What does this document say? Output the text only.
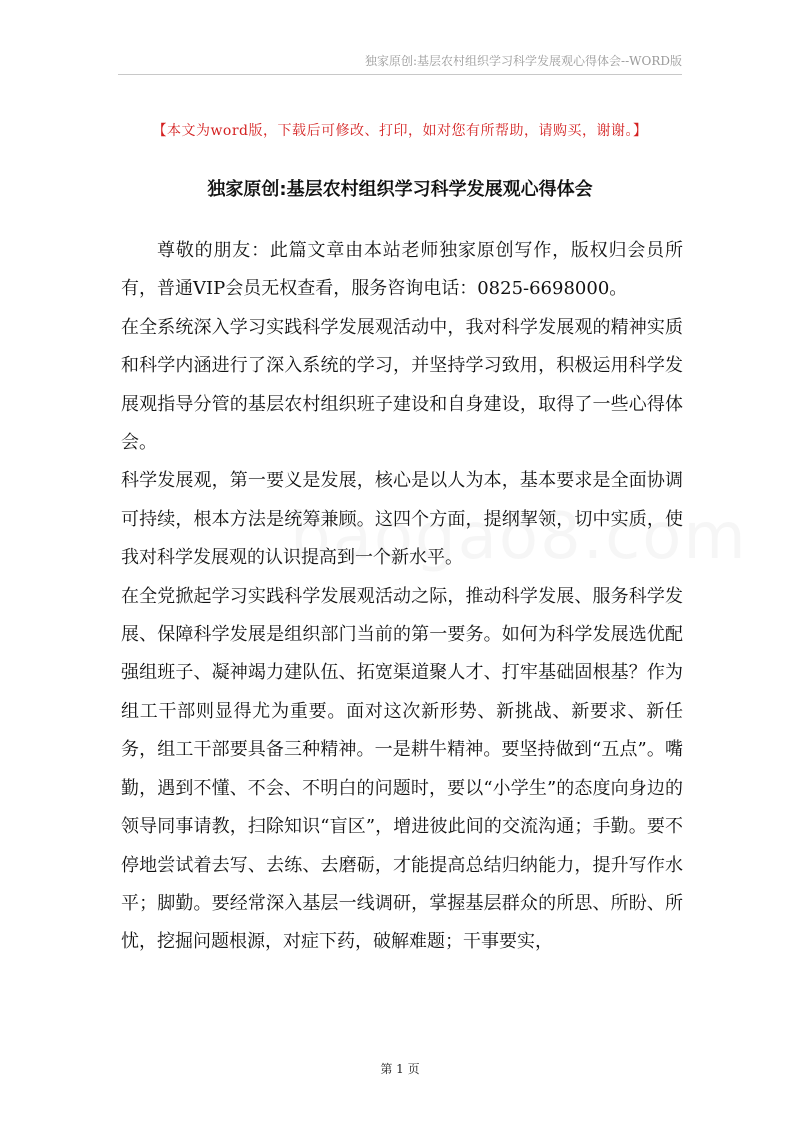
独家原创:基层农村组织学习科学发展观心得体会--WORD版
【本文为word版，下载后可修改、打印，如对您有所帮助，请购买，谢谢。】
独家原创:基层农村组织学习科学发展观心得体会

尊敬的朋友：此篇文章由本站老师独家原创写作，版权归会员所有，普通VIP会员无权查看，服务咨询电话：0825-6698000。

在全系统深入学习实践科学发展观活动中，我对科学发展观的精神实质和科学内涵进行了深入系统的学习，并坚持学习致用，积极运用科学发展观指导分管的基层农村组织班子建设和自身建设，取得了一些心得体会。

科学发展观，第一要义是发展，核心是以人为本，基本要求是全面协调可持续，根本方法是统筹兼顾。这四个方面，提纲挈领，切中实质，使我对科学发展观的认识提高到一个新水平。

在全党掀起学习实践科学发展观活动之际，推动科学发展、服务科学发展、保障科学发展是组织部门当前的第一要务。如何为科学发展选优配强组班子、凝神竭力建队伍、拓宽渠道聚人才、打牢基础固根基？作为组工干部则显得尤为重要。面对这次新形势、新挑战、新要求、新任务，组工干部要具备三种精神。一是耕牛精神。要坚持做到“五点”。嘴勤，遇到不懂、不会、不明白的问题时，要以“小学生”的态度向身边的领导同事请教，扫除知识“盲区”，增进彼此间的交流沟通；手勤。要不停地尝试着去写、去练、去磨砺，才能提高总结归纳能力，提升写作水平；脚勤。要经常深入基层一线调研，掌握基层群众的所思、所盼、所忧，挖掘问题根源，对症下药，破解难题；干事要实，

第 1 页
